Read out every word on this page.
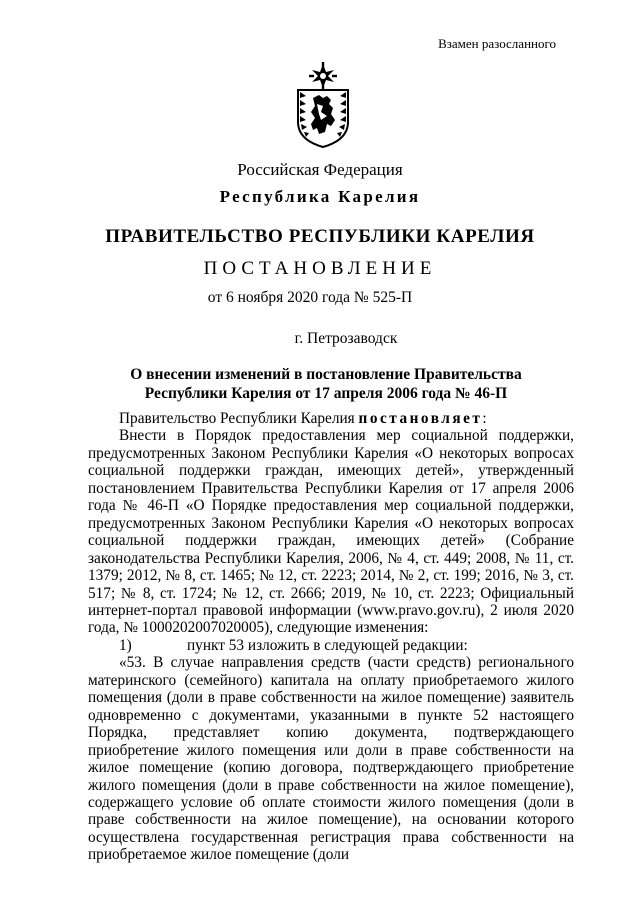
Взамен разосланного
Российская Федерация
Республика Карелия
ПРАВИТЕЛЬСТВО РЕСПУБЛИКИ КАРЕЛИЯ
ПОСТАНОВЛЕНИЕ
от 6 ноября 2020 года № 525-П
г. Петрозаводск
О внесении изменений в постановление Правительства
Республики Карелия от 17 апреля 2006 года № 46-П

Правительство Республики Карелия постановляет:

Внести в Порядок предоставления мер социальной поддержки, предусмотренных Законом Республики Карелия «О некоторых вопросах социальной поддержки граждан, имеющих детей», утвержденный постановлением Правительства Республики Карелия от 17 апреля 2006 года № 46-П «О Порядке предоставления мер социальной поддержки, предусмотренных Законом Республики Карелия «О некоторых вопросах социальной поддержки граждан, имеющих детей» (Собрание законодательства Республики Карелия, 2006, № 4, ст. 449; 2008, № 11, ст. 1379; 2012, № 8, ст. 1465; № 12, ст. 2223; 2014, № 2, ст. 199; 2016, № 3, ст. 517; № 8, ст. 1724; № 12, ст. 2666; 2019, № 10, ст. 2223; Официальный интернет-портал правовой информации (www.pravo.gov.ru), 2 июля 2020 года, № 1000202007020005), следующие изменения:

1)	пункт 53 изложить в следующей редакции:

«53. В случае направления средств (части средств) регионального материнского (семейного) капитала на оплату приобретаемого жилого помещения (доли в праве собственности на жилое помещение) заявитель одновременно с документами, указанными в пункте 52 настоящего Порядка, представляет копию документа, подтверждающего приобретение жилого помещения или доли в праве собственности на жилое помещение (копию договора, подтверждающего приобретение жилого помещения (доли в праве собственности на жилое помещение), содержащего условие об оплате стоимости жилого помещения (доли в праве собственности на жилое помещение), на основании которого осуществлена государственная регистрация права собственности на приобретаемое жилое помещение (доли
